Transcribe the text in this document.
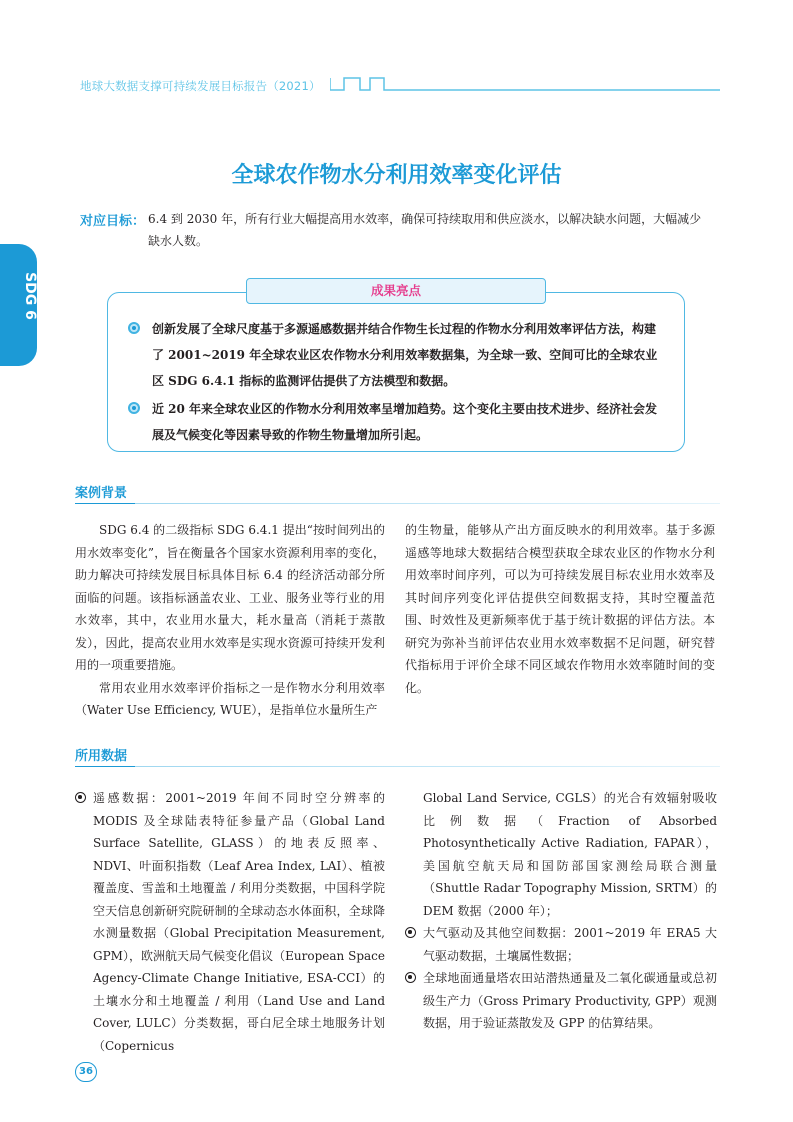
地球大数据支撑可持续发展目标报告（2021）
SDG 6
全球农作物水分利用效率变化评估
对应目标： 6.4 到 2030 年，所有行业大幅提高用水效率，确保可持续取用和供应淡水，以解决缺水问题，大幅减少缺水人数。
成果亮点
创新发展了全球尺度基于多源遥感数据并结合作物生长过程的作物水分利用效率评估方法，构建了 2001~2019 年全球农业区农作物水分利用效率数据集，为全球一致、空间可比的全球农业区 SDG 6.4.1 指标的监测评估提供了方法模型和数据。
近 20 年来全球农业区的作物水分利用效率呈增加趋势。这个变化主要由技术进步、经济社会发展及气候变化等因素导致的作物生物量增加所引起。
案例背景

SDG 6.4 的二级指标 SDG 6.4.1 提出“按时间列出的用水效率变化”，旨在衡量各个国家水资源利用率的变化，助力解决可持续发展目标具体目标 6.4 的经济活动部分所面临的问题。该指标涵盖农业、工业、服务业等行业的用水效率，其中，农业用水量大，耗水量高（消耗于蒸散发），因此，提高农业用水效率是实现水资源可持续开发利用的一项重要措施。

常用农业用水效率评价指标之一是作物水分利用效率（Water Use Efficiency, WUE），是指单位水量所生产

的生物量，能够从产出方面反映水的利用效率。基于多源遥感等地球大数据结合模型获取全球农业区的作物水分利用效率时间序列，可以为可持续发展目标农业用水效率及其时间序列变化评估提供空间数据支持，其时空覆盖范围、时效性及更新频率优于基于统计数据的评估方法。本研究为弥补当前评估农业用水效率数据不足问题，研究替代指标用于评价全球不同区域农作物用水效率随时间的变化。

所用数据
遥感数据：2001~2019 年间不同时空分辨率的 MODIS 及全球陆表特征参量产品（Global Land Surface Satellite, GLASS）的地表反照率、NDVI、叶面积指数（Leaf Area Index, LAI）、植被覆盖度、雪盖和土地覆盖 / 利用分类数据，中国科学院空天信息创新研究院研制的全球动态水体面积，全球降水测量数据（Global Precipitation Measurement, GPM），欧洲航天局气候变化倡议（European Space Agency-Climate Change Initiative, ESA-CCI）的土壤水分和土地覆盖 / 利用（Land Use and Land Cover, LULC）分类数据，哥白尼全球土地服务计划（Copernicus
Global Land Service, CGLS）的光合有效辐射吸收比例数据（Fraction of Absorbed Photosynthetically Active Radiation, FAPAR），美国航空航天局和国防部国家测绘局联合测量（Shuttle Radar Topography Mission, SRTM）的 DEM 数据（2000 年）；
大气驱动及其他空间数据：2001~2019 年 ERA5 大气驱动数据，土壤属性数据；
全球地面通量塔农田站潜热通量及二氧化碳通量或总初级生产力（Gross Primary Productivity, GPP）观测数据，用于验证蒸散发及 GPP 的估算结果。
36
